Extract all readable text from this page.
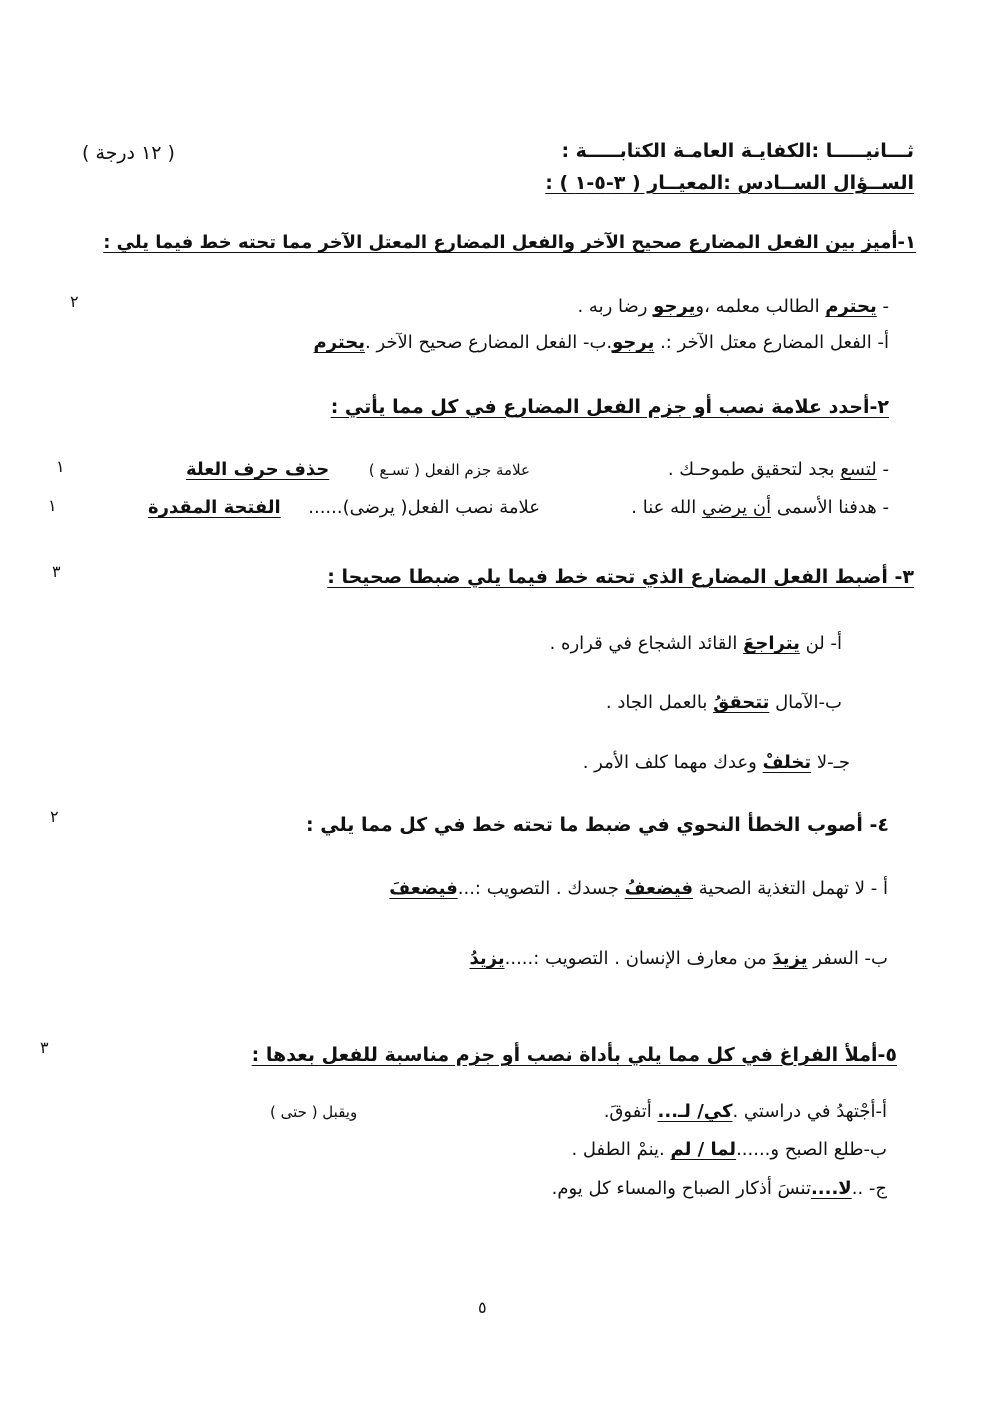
ثـــانيـــــا :الكفايـة العامـة الكتابـــــة :
الســؤال الســادس :المعيــار ( ٣-٥-١ ) :
( ١٢ درجة )
١-أميز بين الفعل المضارع صحيح الآخر والفعل المضارع المعتل الآخر مما تحته خط فيما يلي :
٢	- يحترم الطالب معلمه ،ويرجو رضا ربه .
أ- الفعل المضارع معتل الآخر :. يرجو.ب- الفعل المضارع صحيح الآخر .يحترم
٢-أحدد علامة نصب أو جزم الفعل المضارع في كل مما يأتي :
١	- لتسع بجد لتحقيق طموحـك .
علامة جزم الفعل ( تسـع )
حذف حرف العلة
١	- هدفنا الأسمى أن يرضي الله عنا .
علامة نصب الفعل( يرضى)......
الفتحة المقدرة
٣- أضبط الفعل المضارع الذي تحته خط فيما يلي ضبطا صحيحا :
٣
أ- لن يتراجعَ القائد الشجاع في قراره .
ب-الآمال تتحققُ بالعمل الجاد .
جـ-لا تخلفْ وعدك مهما كلف الأمر .
٤- أصوب الخطأ النحوي في ضبط ما تحته خط في كل مما يلي :
٢
أ - لا تهمل التغذية الصحية فيضعفُ جسدك . التصويب :...فيضعفَ
ب- السفر يزيدَ من معارف الإنسان . التصويب :.....يزيدُ
٥-أملأ الفراغ في كل مما يلي بأداة نصب أو جزم مناسبة للفعل بعدها :
٣
أ-أجْتهدُ في دراستي .كي/ لـ... أتفوقَ.
ويقبل ( حتى )
ب-طلع الصبح و......لما / لم .ينمْ الطفل .
ج- ..لا....تنسَ أذكار الصباح والمساء كل يوم.
٥
